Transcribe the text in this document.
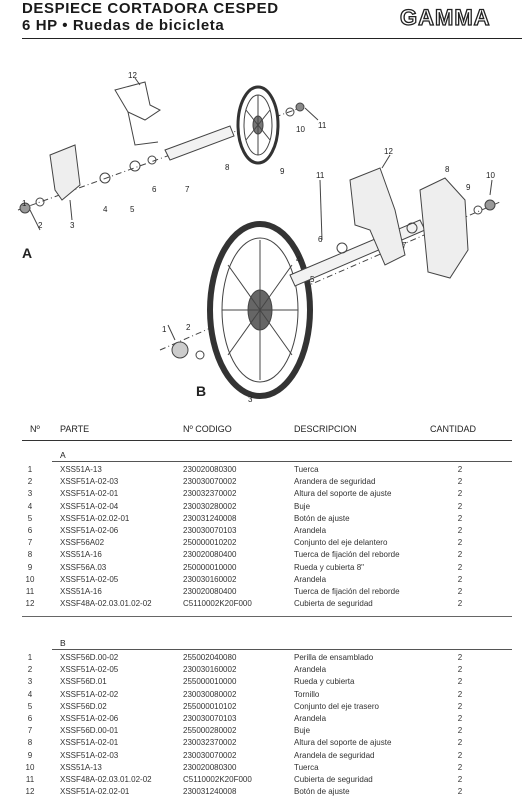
DESPIECE CORTADORA CESPED
6 HP • Ruedas de bicicleta	GAMMA
1
2	3
4	5
6	7
8	9
10 11
12
1 2
3
4
5
6
7
8
9
10
11
12
A
B
Nº PARTE	Nº CODIGO	DESCRIPCION	CANTIDAD
A
1	XSS51A-13	230020080300	Tuerca	2
2	XSSF51A-02-03	230030070002	Arandera de seguridad	2
3	XSSF51A-02-01	230032370002	Altura del soporte de ajuste	2
4	XSSF51A-02-04	230030280002	Buje	2
5	XSSF51A-02.02-01	230031240008	Botón de ajuste	2
6	XSSF51A-02-06	230030070103	Arandela	2
7	XSSF56A02	250000010202	Conjunto del eje delantero	2
8	XSS51A-16	230020080400	Tuerca de fijación del reborde	2
9	XSSF56A.03	250000010000	Rueda y cubierta 8"	2
10	XSSF51A-02-05	230030160002	Arandela	2
11	XSS51A-16	230020080400	Tuerca de fijación del reborde	2
12	XSSF48A-02.03.01.02-02	C5110002K20F000	Cubierta de seguridad	2
B
1	XSSF56D.00-02	255002040080	Perilla de ensamblado	2
2	XSSF51A-02-05	230030160002	Arandela	2
3	XSSF56D.01	255000010000	Rueda y cubierta	2
4	XSSF51A-02-02	230030080002	Tornillo	2
5	XSSF56D.02	255000010102	Conjunto del eje trasero	2
6	XSSF51A-02-06	230030070103	Arandela	2
7	XSSF56D.00-01	255000280002	Buje	2
8	XSSF51A-02-01	230032370002	Altura del soporte de ajuste	2
9	XSSF51A-02-03	230030070002	Arandela de seguridad	2
10	XSS51A-13	230020080300	Tuerca	2
11	XSSF48A-02.03.01.02-02	C5110002K20F000	Cubierta de seguridad	2
12	XSSF51A-02.02-01	230031240008	Botón de ajuste	2
